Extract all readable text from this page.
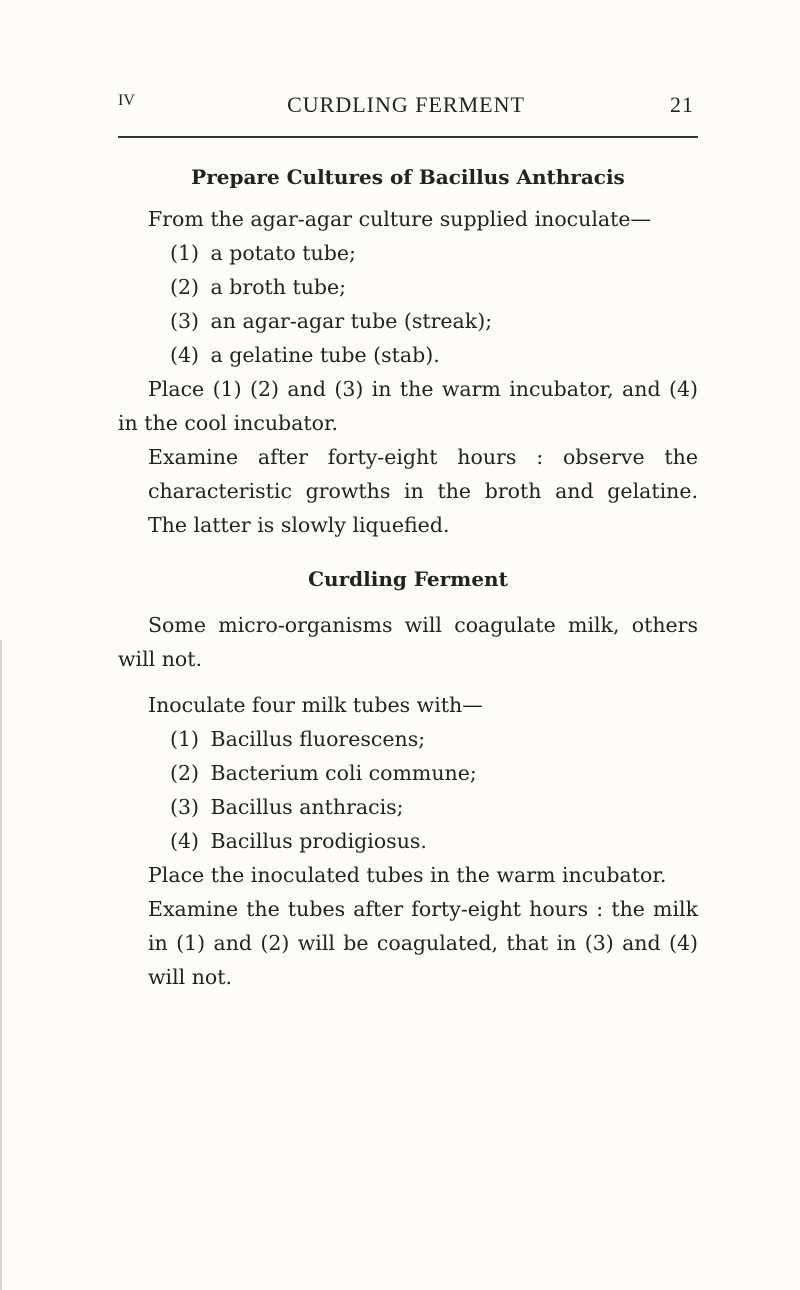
IV	CURDLING FERMENT	21

Prepare Cultures of Bacillus Anthracis

From the agar-agar culture supplied inoculate—

(1) a potato tube;
(2) a broth tube;
(3) an agar-agar tube (streak);
(4) a gelatine tube (stab).

Place (1) (2) and (3) in the warm incubator, and (4) in the cool incubator.

Examine after forty-eight hours : observe the characteristic growths in the broth and gelatine. The latter is slowly liquefied.

Curdling Ferment

Some micro-organisms will coagulate milk, others will not.

Inoculate four milk tubes with—

(1) Bacillus fluorescens;
(2) Bacterium coli commune;
(3) Bacillus anthracis;
(4) Bacillus prodigiosus.

Place the inoculated tubes in the warm incubator.

Examine the tubes after forty-eight hours : the milk in (1) and (2) will be coagulated, that in (3) and (4) will not.
